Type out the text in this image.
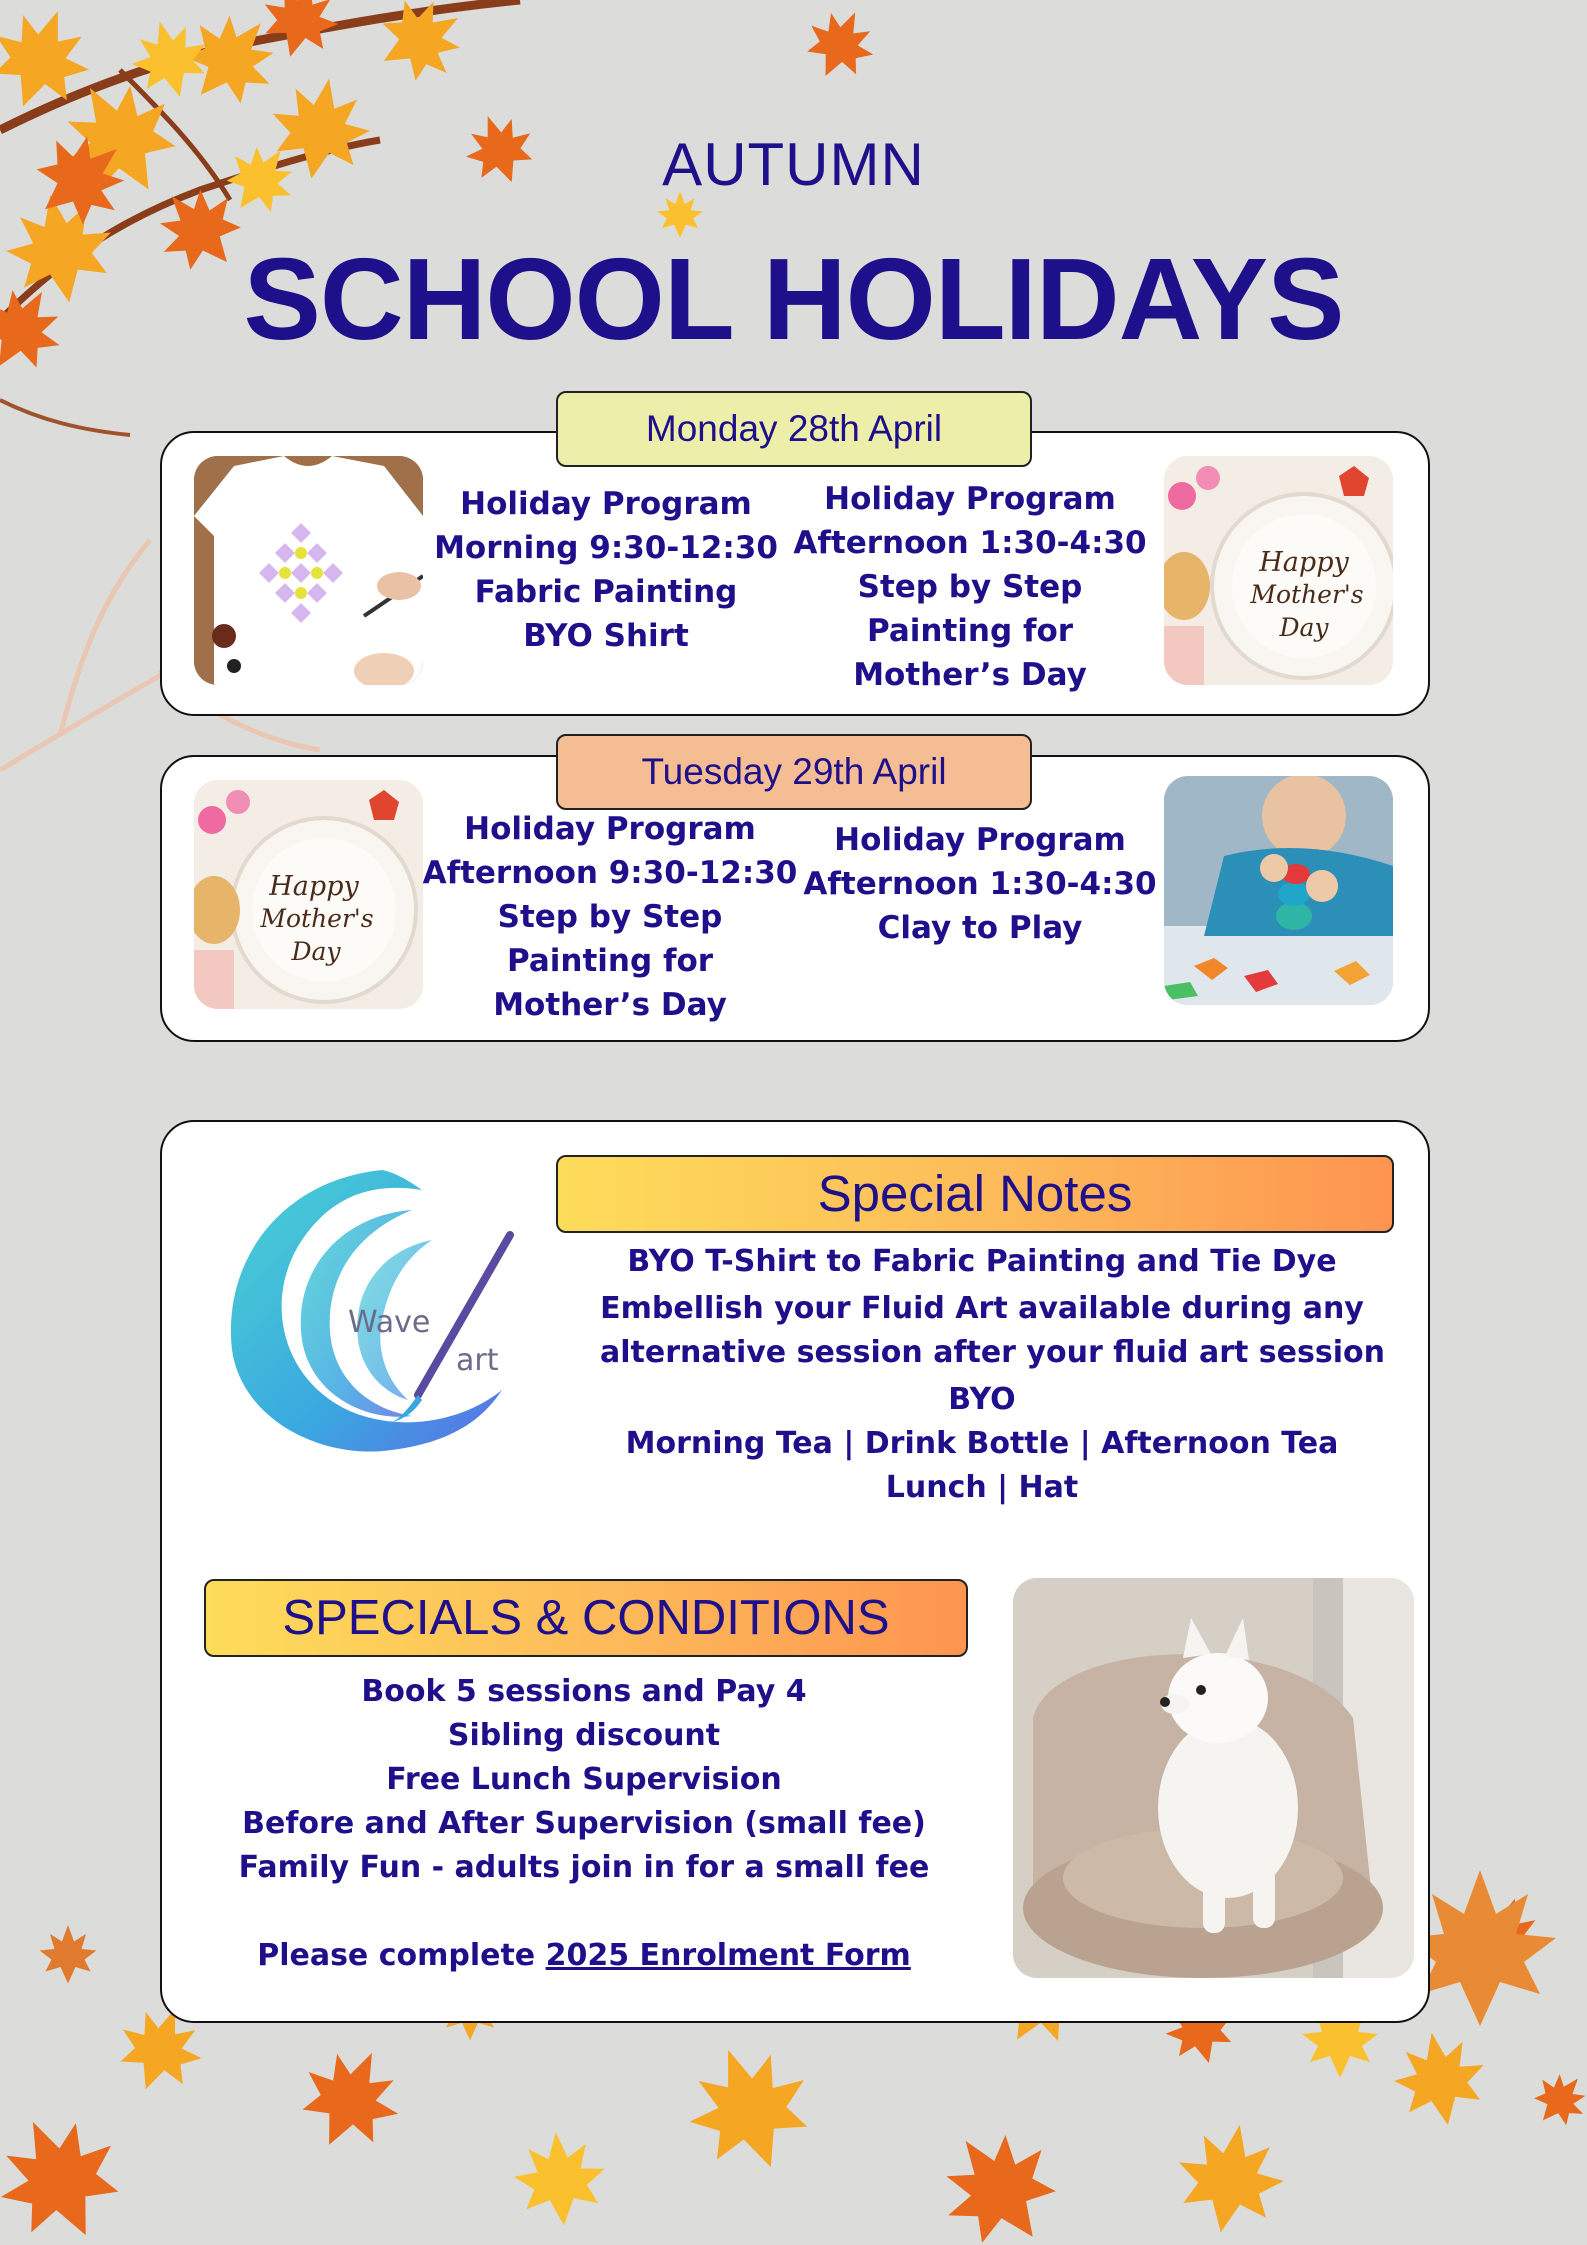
AUTUMN
SCHOOL HOLIDAYS
Holiday Program
Morning 9:30-12:30
Fabric Painting
BYO Shirt
Holiday Program
Afternoon 1:30-4:30
Step by Step
Painting for
Mother’s Day
Happy
Mother's
Day
Monday 28th April
Happy
Mother's
Day
Holiday Program
Afternoon 9:30-12:30
Step by Step
Painting for
Mother’s Day
Holiday Program
Afternoon 1:30-4:30
Clay to Play
Tuesday 29th April
Wave
art
Special Notes
BYO T-Shirt to Fabric Painting and Tie Dye
Embellish your Fluid Art available during any
alternative session after your fluid art session
BYO
Morning Tea | Drink Bottle | Afternoon Tea
Lunch | Hat
SPECIALS & CONDITIONS
Book 5 sessions and Pay 4
Sibling discount
Free Lunch Supervision
Before and After Supervision (small fee)
Family Fun - adults join in for a small fee
Please complete 2025 Enrolment Form
